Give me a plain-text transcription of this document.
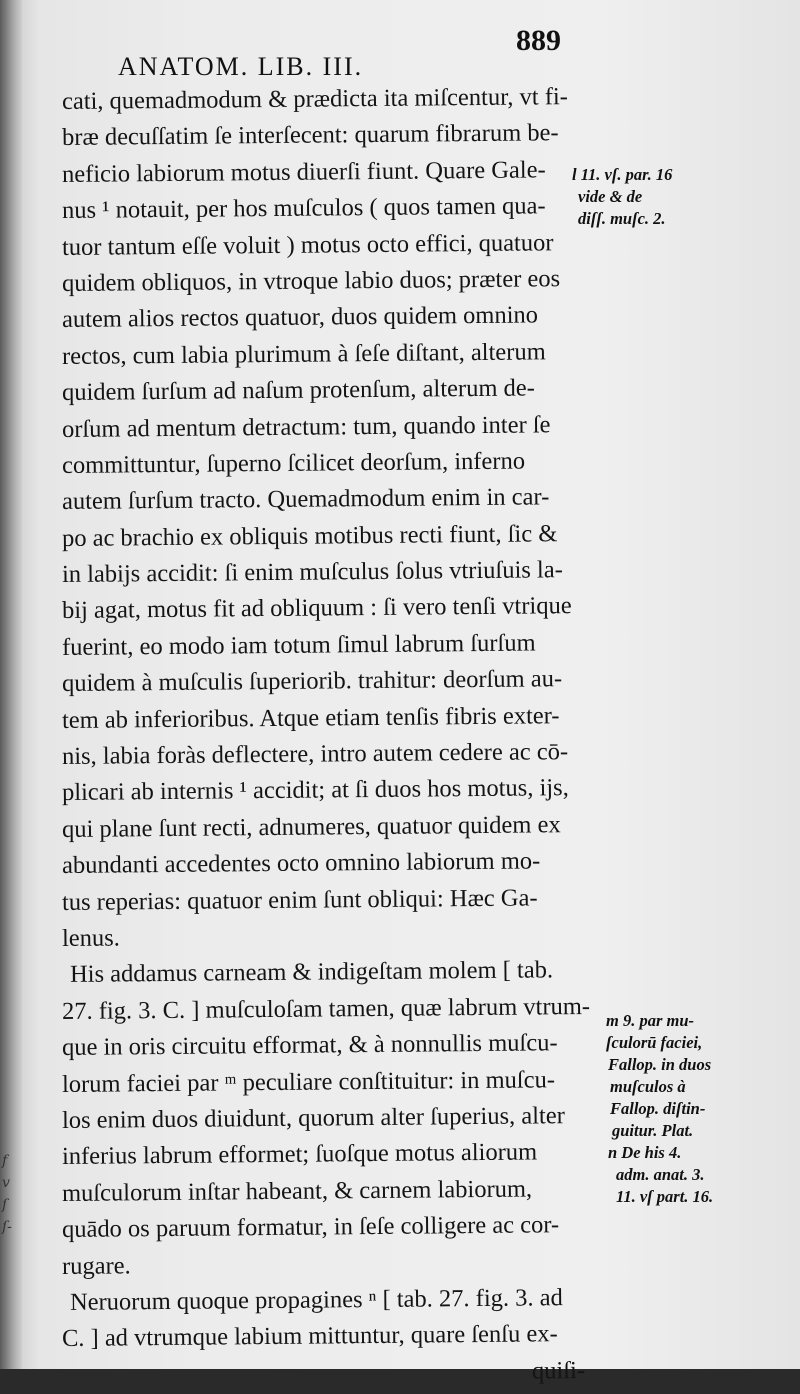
f
v
ſ
ſ-
ANATOM. LIB. III.
889
cati, quemadmodum & prædicta ita miſcentur, vt fi-
bræ decuſſatim ſe interſecent: quarum fibrarum be-
neficio labiorum motus diuerſi fiunt. Quare Gale-
nus ¹ notauit, per hos muſculos ( quos tamen qua-
tuor tantum eſſe voluit ) motus octo effici, quatuor
quidem obliquos, in vtroque labio duos; præter eos
autem alios rectos quatuor, duos quidem omnino
rectos, cum labia plurimum à ſeſe diſtant, alterum
quidem ſurſum ad naſum protenſum, alterum de-
orſum ad mentum detractum: tum, quando inter ſe
committuntur, ſuperno ſcilicet deorſum, inferno
autem ſurſum tracto. Quemadmodum enim in car-
po ac brachio ex obliquis motibus recti fiunt, ſic &
in labijs accidit: ſi enim muſculus ſolus vtriuſuis la-
bij agat, motus fit ad obliquum : ſi vero tenſi vtrique
fuerint, eo modo iam totum ſimul labrum ſurſum
quidem à muſculis ſuperiorib. trahitur: deorſum au-
tem ab inferioribus. Atque etiam tenſis fibris exter-
nis, labia foràs deflectere, intro autem cedere ac cō-
plicari ab internis ¹ accidit; at ſi duos hos motus, ijs,
qui plane ſunt recti, adnumeres, quatuor quidem ex
abundanti accedentes octo omnino labiorum mo-
tus reperias: quatuor enim ſunt obliqui: Hæc Ga-
lenus.
His addamus carneam & indigeſtam molem [ tab.
27. fig. 3. C. ] muſculoſam tamen, quæ labrum vtrum-
que in oris circuitu efformat, & à nonnullis muſcu-
lorum faciei par ᵐ peculiare conſtituitur: in muſcu-
los enim duos diuidunt, quorum alter ſuperius, alter
inferius labrum efformet; ſuoſque motus aliorum
muſculorum inſtar habeant, & carnem labiorum,
quādo os paruum formatur, in ſeſe colligere ac cor-
rugare.
Neruorum quoque propagines ⁿ [ tab. 27. fig. 3. ad
C. ] ad vtrumque labium mittuntur, quare ſenſu ex-
quiſi-
l 11. vſ. par. 16
vide & de
diſſ. muſc. 2.
m 9. par mu-
ſculorū faciei,
Fallop. in duos
muſculos à
Fallop. diſtin-
guitur. Plat.
n De his 4.
adm. anat. 3.
11. vſ part. 16.
